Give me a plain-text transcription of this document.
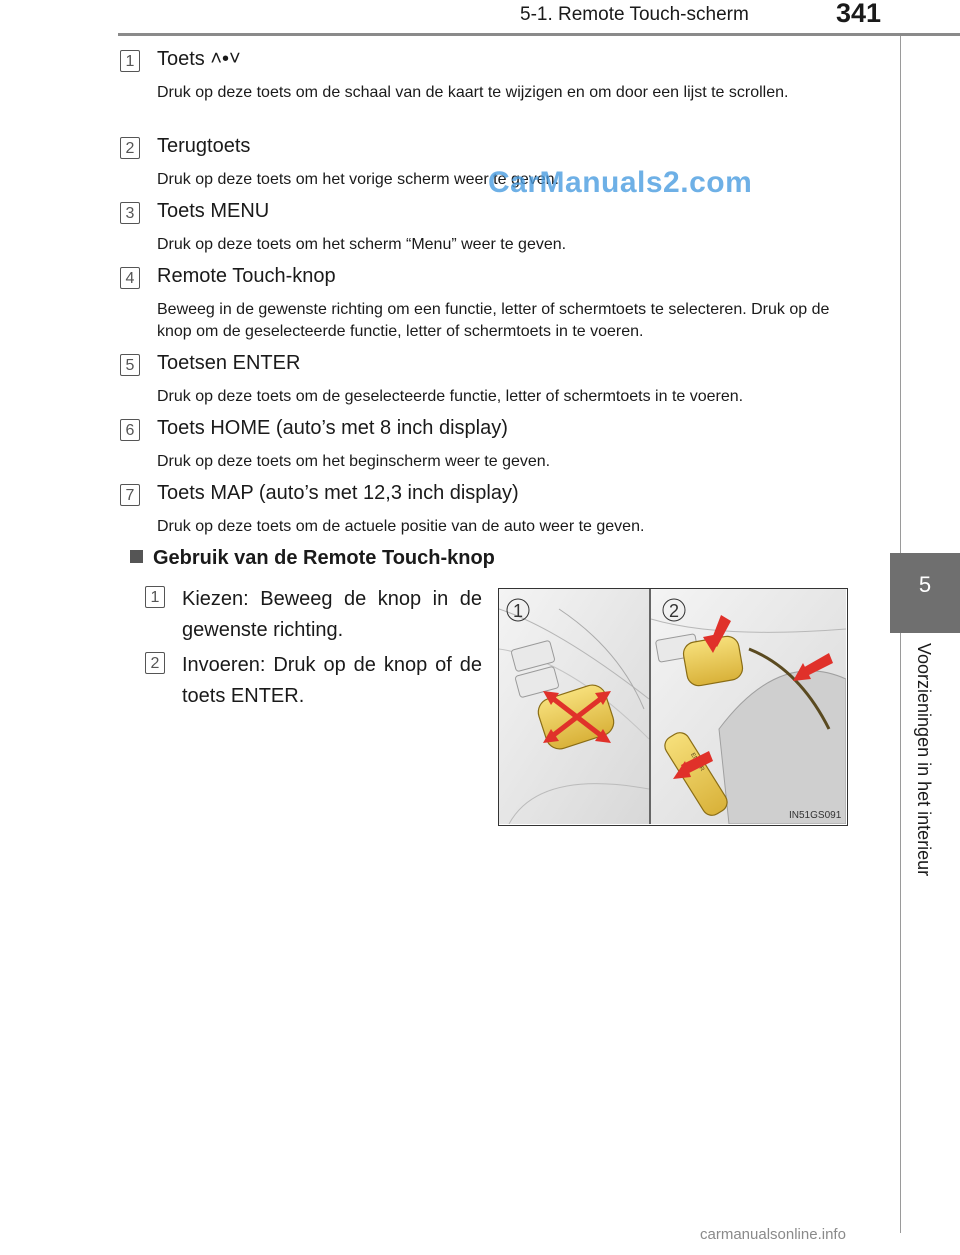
5-1. Remote Touch-scherm	341
5
Voorzieningen in het interieur
1 Toets ˄•˅
Druk op deze toets om de schaal van de kaart te wijzigen en om door een lijst te scrollen.
2 Terugtoets
Druk op deze toets om het vorige scherm weer te geven.
3 Toets MENU
Druk op deze toets om het scherm “Menu” weer te geven.
4 Remote Touch-knop
Beweeg in de gewenste richting om een functie, letter of schermtoets te selecteren. Druk op de knop om de geselecteerde functie, letter of schermtoets in te voeren.
5 Toetsen ENTER
Druk op deze toets om de geselecteerde functie, letter of schermtoets in te voeren.
6 Toets HOME (auto’s met 8 inch display)
Druk op deze toets om het beginscherm weer te geven.
7 Toets MAP (auto’s met 12,3 inch display)
Druk op deze toets om de actuele positie van de auto weer te geven.
CarManuals2.com
Gebruik van de Remote Touch-knop
1 Kiezen: Beweeg de knop in de gewenste richting.
2 Invoeren: Druk op de knop of de toets ENTER.
1	2
IN51GS091
carmanualsonline.info
